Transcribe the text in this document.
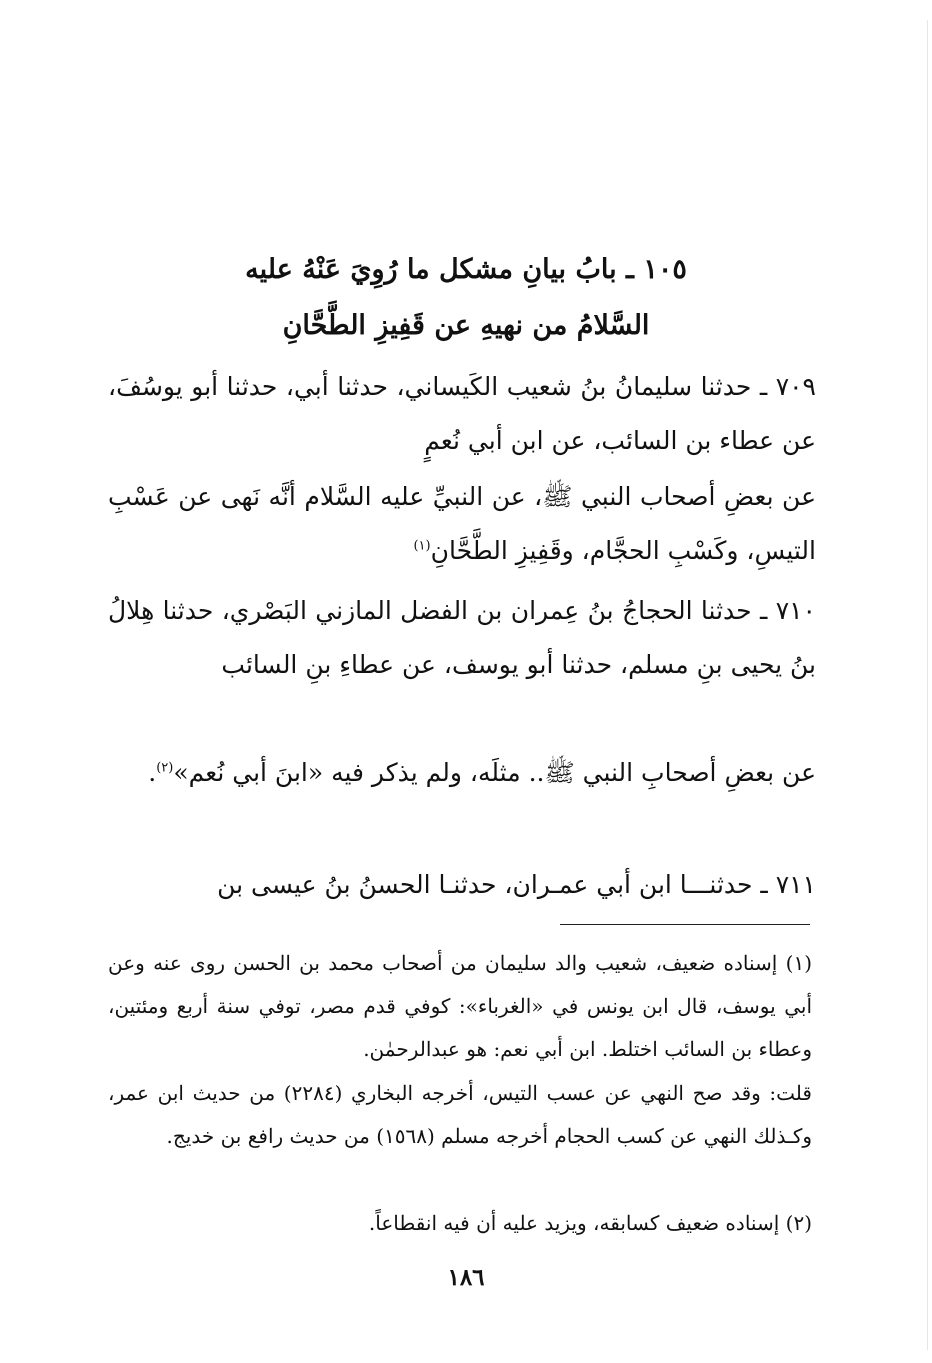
١٠٥ ـ بابُ بيانِ مشكل ما رُوِيَ عَنْهُ عليه
السَّلامُ من نهيهِ عن قَفِيزِ الطَّحَّانِ
٧٠٩ ـ حدثنا سليمانُ بنُ شعيب الكَيساني، حدثنا أبي، حدثنا أبو يوسُفَ، عن عطاء بن السائب، عن ابن أبي نُعمٍ
عن بعضِ أصحاب النبي ﷺ، عن النبيِّ عليه السَّلام أنَّه نَهى عن عَسْبِ التيسِ، وكَسْبِ الحجَّام، وقَفِيزِ الطَّحَّانِ$^{(١)}$
٧١٠ ـ حدثنا الحجاجُ بنُ عِمران بن الفضل المازني البَصْري، حدثنا هِلالُ بنُ يحيى بنِ مسلم، حدثنا أبو يوسف، عن عطاءِ بنِ السائب
عن بعضِ أصحابِ النبي ﷺ.. مثلَه، ولم يذكر فيه «ابنَ أبي نُعم»$^{(٢)}$.
٧١١ ـ حدثنـــا ابن أبي عمـران، حدثنـا الحسنُ بنُ عيسى بن
(١) إسناده ضعيف، شعيب والد سليمان من أصحاب محمد بن الحسن روى عنه وعن أبي يوسف، قال ابن يونس في «الغرباء»: كوفي قدم مصر، توفي سنة أربع ومئتين، وعطاء بن السائب اختلط. ابن أبي نعم: هو عبدالرحمٰن.
قلت: وقد صح النهي عن عسب التيس، أخرجه البخاري (٢٢٨٤) من حديث ابن عمر، وكـذلك النهي عن كسب الحجام أخرجه مسلم (١٥٦٨) من حديث رافع بن خديج.
(٢) إسناده ضعيف كسابقه، ويزيد عليه أن فيه انقطاعاً.
١٨٦
